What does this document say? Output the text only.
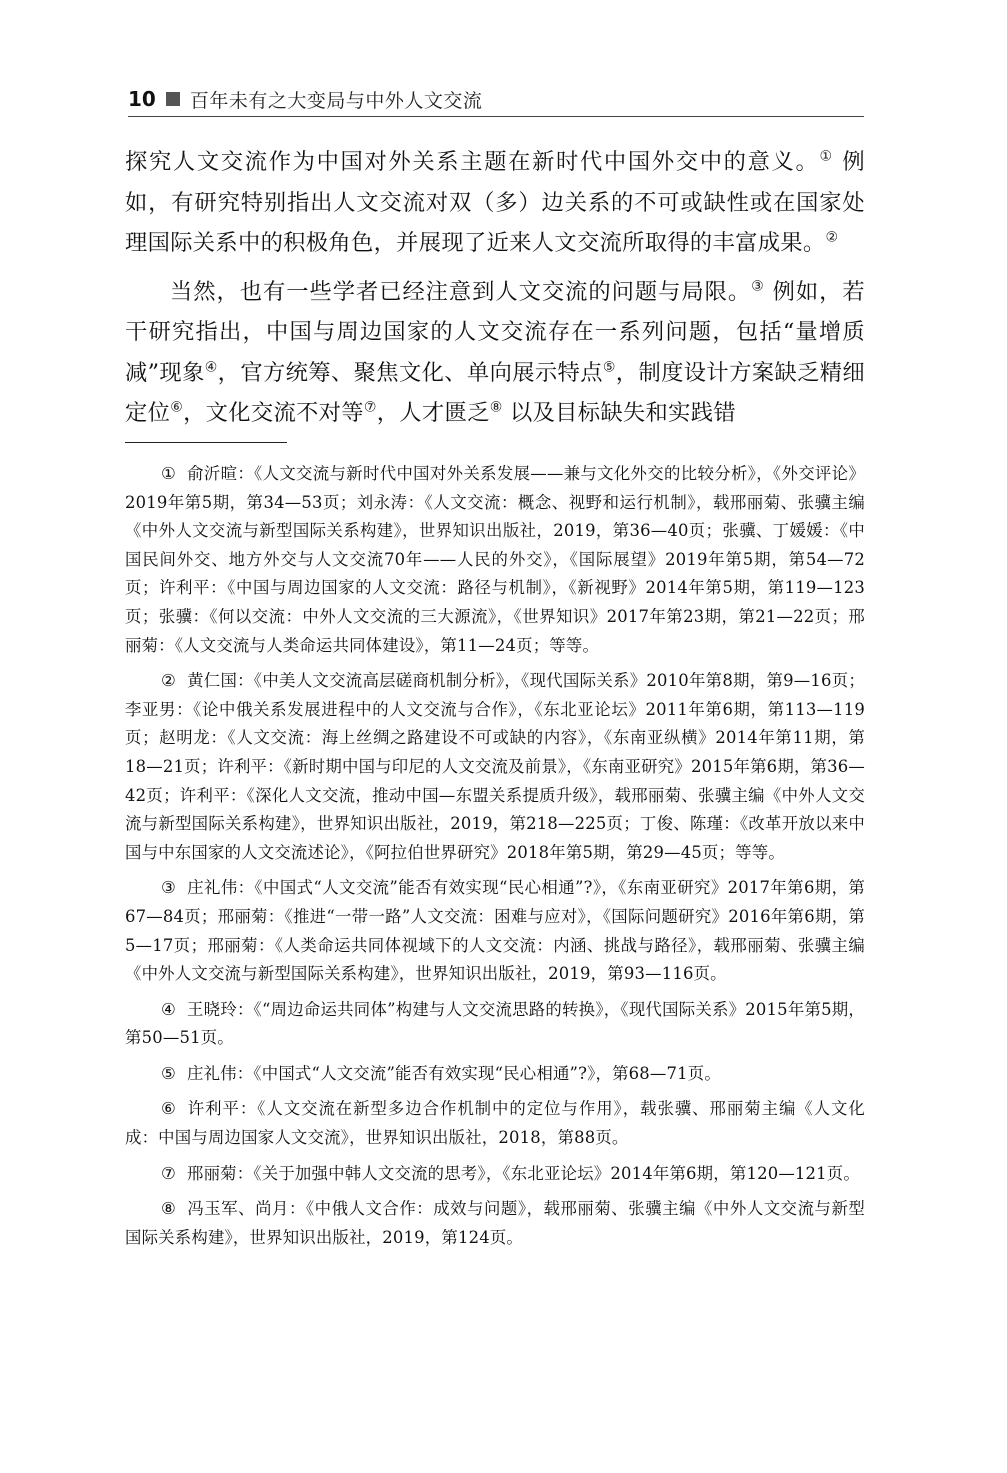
10 百年未有之大变局与中外人文交流

探究人文交流作为中国对外关系主题在新时代中国外交中的意义。① 例如，有研究特别指出人文交流对双（多）边关系的不可或缺性或在国家处理国际关系中的积极角色，并展现了近来人文交流所取得的丰富成果。②

当然，也有一些学者已经注意到人文交流的问题与局限。③ 例如，若干研究指出，中国与周边国家的人文交流存在一系列问题，包括“量增质减”现象④，官方统筹、聚焦文化、单向展示特点⑤，制度设计方案缺乏精细定位⑥，文化交流不对等⑦，人才匮乏⑧ 以及目标缺失和实践错

① 俞沂暄：《人文交流与新时代中国对外关系发展——兼与文化外交的比较分析》，《外交评论》2019年第5期，第34—53页；刘永涛：《人文交流：概念、视野和运行机制》，载邢丽菊、张骥主编《中外人文交流与新型国际关系构建》，世界知识出版社，2019，第36—40页；张骥、丁媛媛：《中国民间外交、地方外交与人文交流70年——人民的外交》，《国际展望》2019年第5期，第54—72页；许利平：《中国与周边国家的人文交流：路径与机制》，《新视野》2014年第5期，第119—123页；张骥：《何以交流：中外人文交流的三大源流》，《世界知识》2017年第23期，第21—22页；邢丽菊：《人文交流与人类命运共同体建设》，第11—24页；等等。

② 黄仁国：《中美人文交流高层磋商机制分析》，《现代国际关系》2010年第8期，第9—16页；李亚男：《论中俄关系发展进程中的人文交流与合作》，《东北亚论坛》2011年第6期，第113—119页；赵明龙：《人文交流：海上丝绸之路建设不可或缺的内容》，《东南亚纵横》2014年第11期，第18—21页；许利平：《新时期中国与印尼的人文交流及前景》，《东南亚研究》2015年第6期，第36—42页；许利平：《深化人文交流，推动中国—东盟关系提质升级》，载邢丽菊、张骥主编《中外人文交流与新型国际关系构建》，世界知识出版社，2019，第218—225页；丁俊、陈瑾：《改革开放以来中国与中东国家的人文交流述论》，《阿拉伯世界研究》2018年第5期，第29—45页；等等。

③ 庄礼伟：《中国式“人文交流”能否有效实现“民心相通”?》，《东南亚研究》2017年第6期，第67—84页；邢丽菊：《推进“一带一路”人文交流：困难与应对》，《国际问题研究》2016年第6期，第5—17页；邢丽菊：《人类命运共同体视域下的人文交流：内涵、挑战与路径》，载邢丽菊、张骥主编《中外人文交流与新型国际关系构建》，世界知识出版社，2019，第93—116页。

④ 王晓玲：《“周边命运共同体”构建与人文交流思路的转换》，《现代国际关系》2015年第5期，第50—51页。

⑤ 庄礼伟：《中国式“人文交流”能否有效实现“民心相通”?》，第68—71页。

⑥ 许利平：《人文交流在新型多边合作机制中的定位与作用》，载张骥、邢丽菊主编《人文化成：中国与周边国家人文交流》，世界知识出版社，2018，第88页。

⑦ 邢丽菊：《关于加强中韩人文交流的思考》，《东北亚论坛》2014年第6期，第120—121页。

⑧ 冯玉军、尚月：《中俄人文合作：成效与问题》，载邢丽菊、张骥主编《中外人文交流与新型国际关系构建》，世界知识出版社，2019，第124页。
